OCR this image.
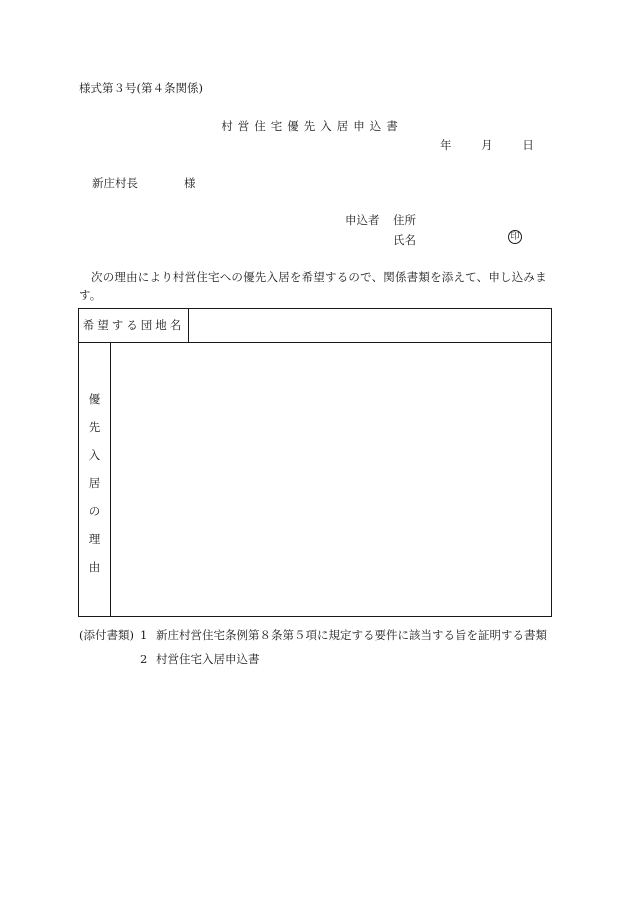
様式第３号(第４条関係)
村営住宅優先入居申込書
年	月	日
新庄村長	様
申込者 住所
氏名	印
次の理由により村営住宅への優先入居を希望するので、関係書類を添えて、申し込みます。
希望する団地名
優
先
入
居
の
理
由
(添付書類) 1 新庄村営住宅条例第８条第５項に規定する要件に該当する旨を証明する書類
2 村営住宅入居申込書
